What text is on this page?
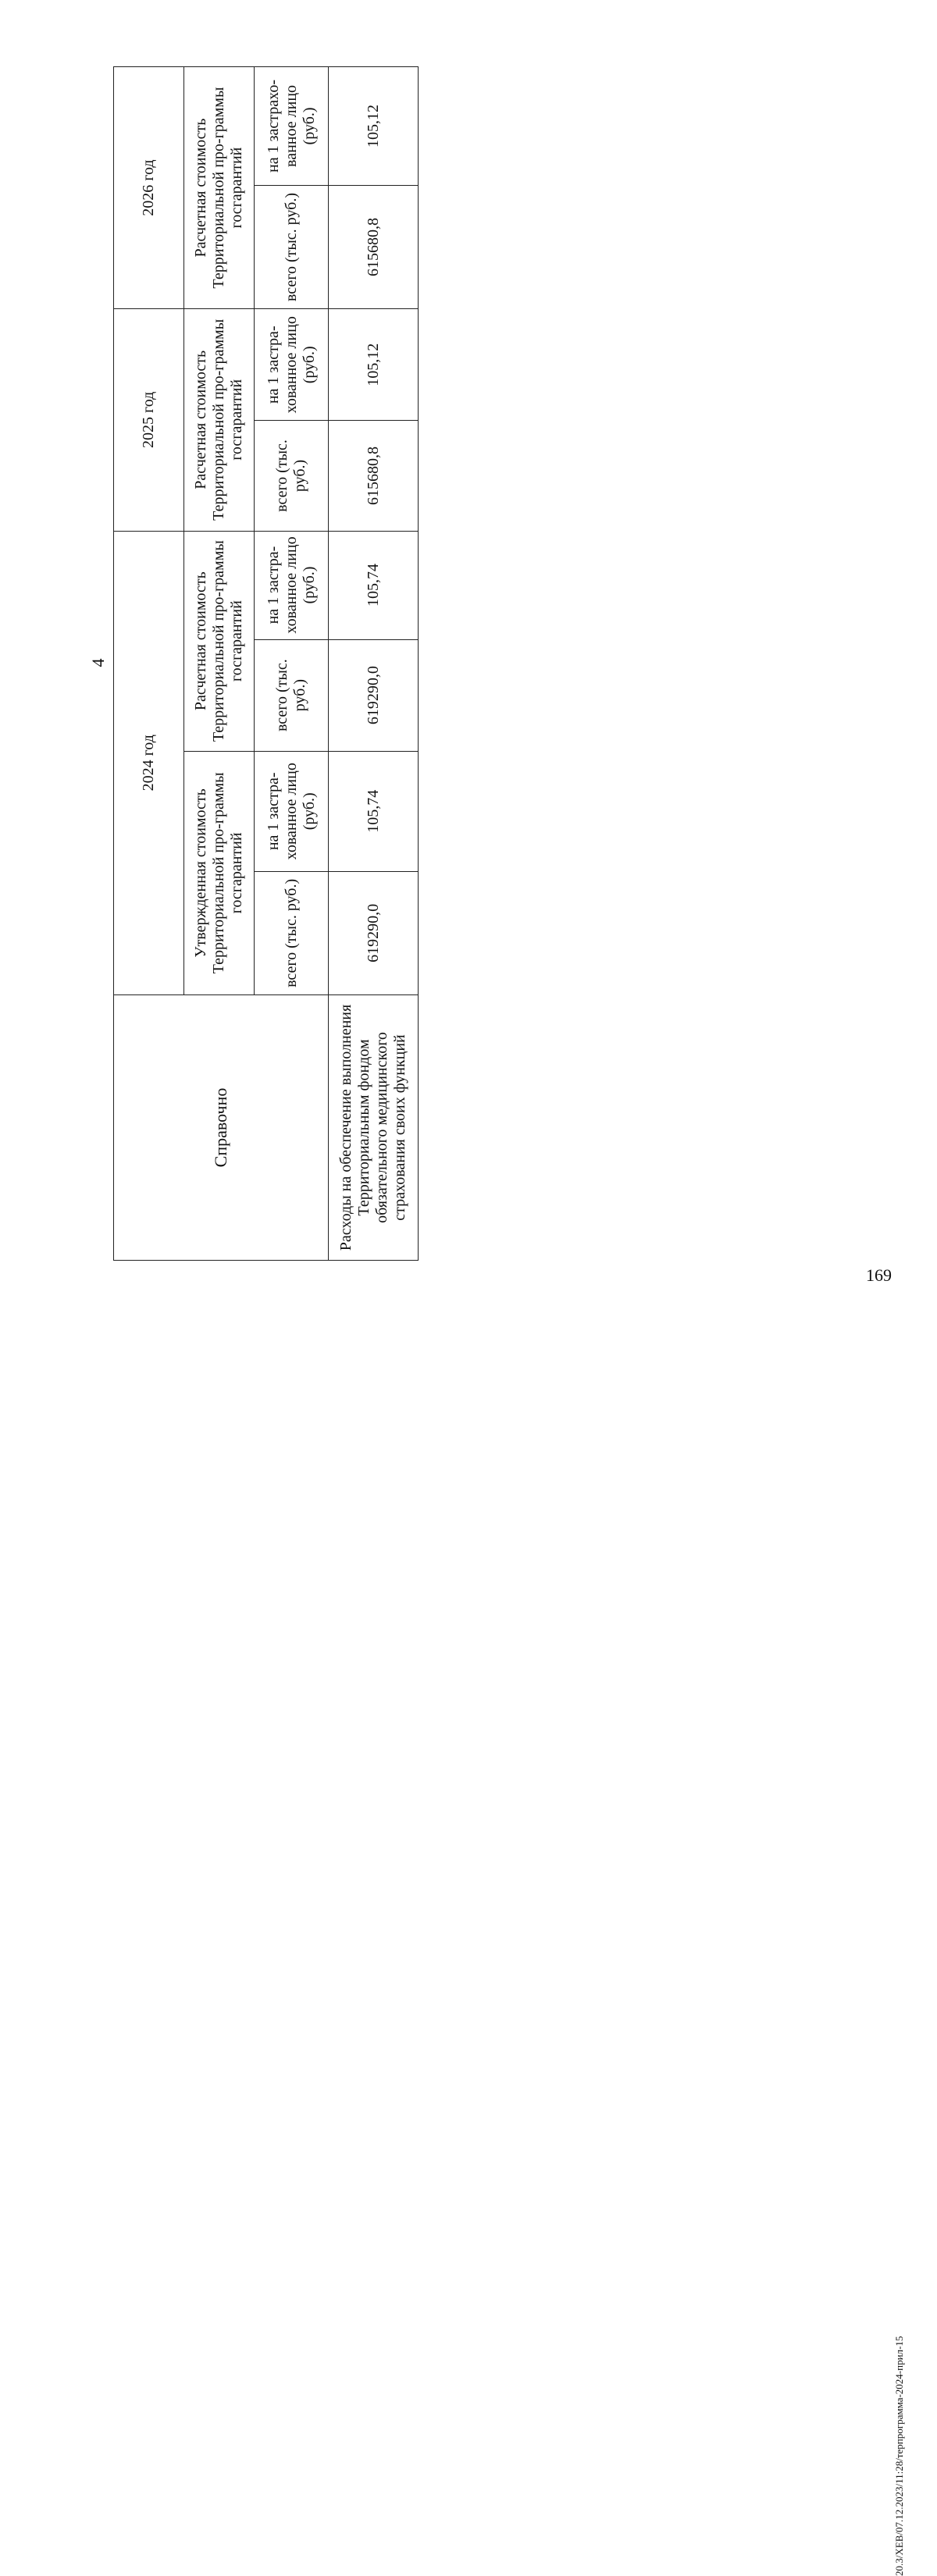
4
Справочно	2024 год				2025 год		2026 год	
	Утвержденная стоимость Территориальной про-граммы госгарантий		Расчетная стоимость Территориальной про-граммы госгарантий		Расчетная стоимость Территориальной про-граммы госгарантий		Расчетная стоимость Территориальной про-граммы госгарантий	
	всего (тыс. руб.)	на 1 застра-хованное лицо (руб.)	всего (тыс. руб.)	на 1 застра-хованное лицо (руб.)	всего (тыс. руб.)	на 1 застра-хованное лицо (руб.)	всего (тыс. руб.)	на 1 застрахо-ванное лицо (руб.)
Расходы на обеспечение выполнения Территориальным фондом обязательного медицинского страхования своих функций	619290,0	105,74	619290,0	105,74	615680,8	105,12	615680,8	105,12
20.3/ХЕВ/07.12.2023/11:28/терпрограмма-2024-прил-15
169
